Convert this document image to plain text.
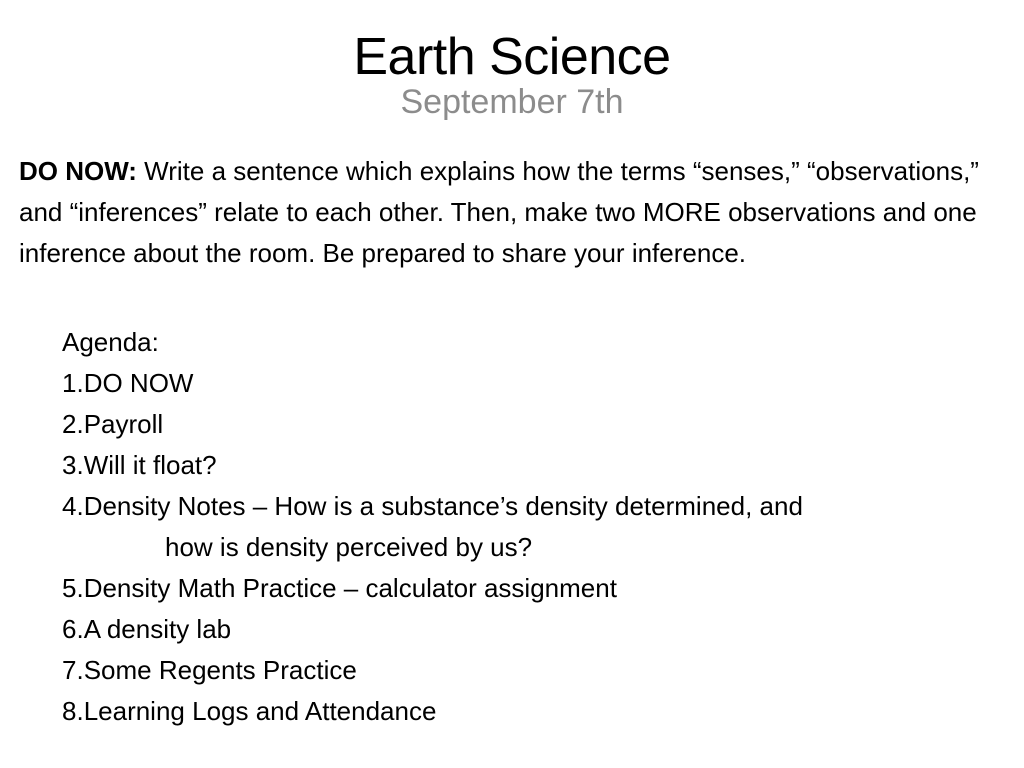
Earth Science
September 7th
DO NOW: Write a sentence which explains how the terms “senses,” “observations,” and “inferences” relate to each other. Then, make two MORE observations and one inference about the room. Be prepared to share your inference.
Agenda:
1.DO NOW
2.Payroll
3.Will it float?
4.Density Notes – How is a substance’s density determined, and
how is density perceived by us?
5.Density Math Practice – calculator assignment
6.A density lab
7.Some Regents Practice
8.Learning Logs and Attendance
